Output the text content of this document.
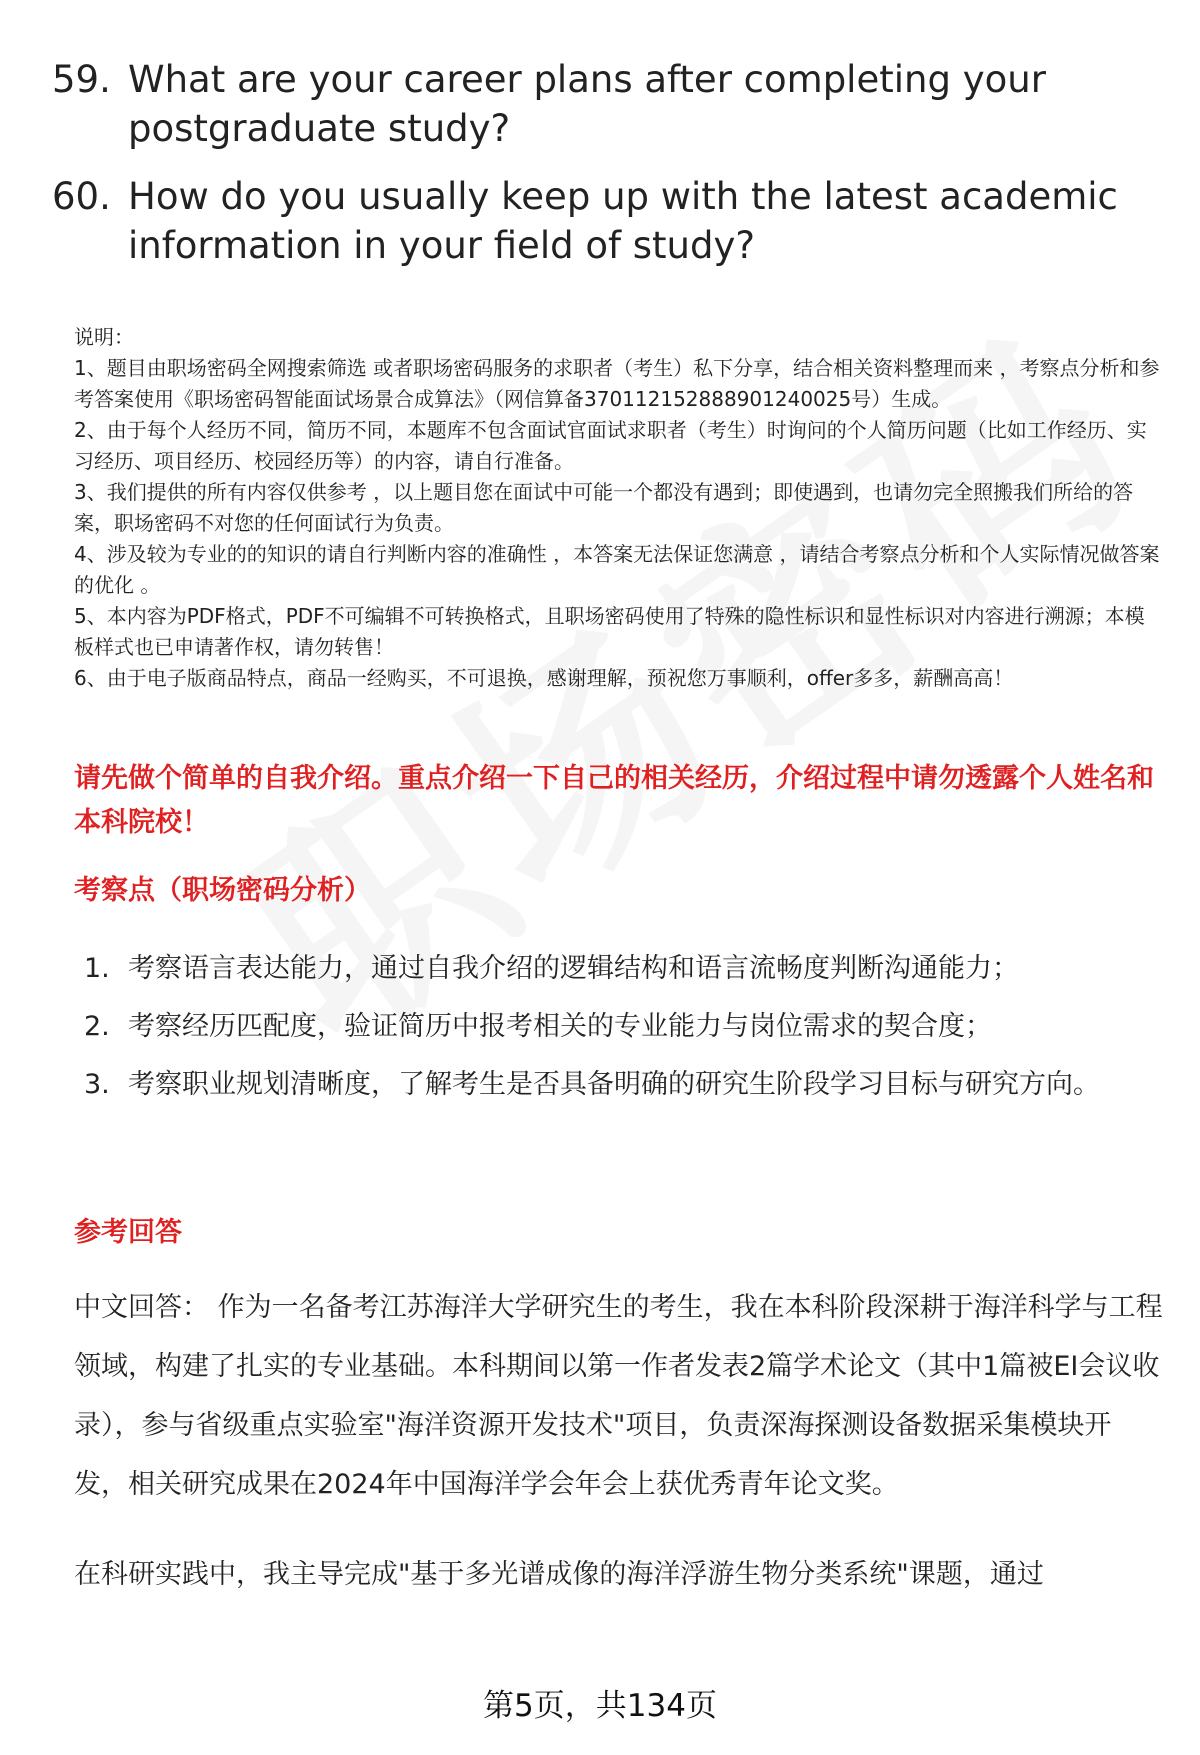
59. What are your career plans after completing your postgraduate study?
60. How do you usually keep up with the latest academic information in your field of study?

说明：

1、题目由职场密码全网搜索筛选 或者职场密码服务的求职者（考生）私下分享，结合相关资料整理而来 ，考察点分析和参考答案使用《职场密码智能面试场景合成算法》（网信算备370112152888901240025号）生成。

2、由于每个人经历不同，简历不同，本题库不包含面试官面试求职者（考生）时询问的个人简历问题（比如工作经历、实习经历、项目经历、校园经历等）的内容，请自行准备。

3、我们提供的所有内容仅供参考 ，以上题目您在面试中可能一个都没有遇到；即使遇到，也请勿完全照搬我们所给的答案，职场密码不对您的任何面试行为负责。

4、涉及较为专业的的知识的请自行判断内容的准确性 ，本答案无法保证您满意 ，请结合考察点分析和个人实际情况做答案的优化 。

5、本内容为PDF格式，PDF不可编辑不可转换格式，且职场密码使用了特殊的隐性标识和显性标识对内容进行溯源；本模板样式也已申请著作权，请勿转售！

6、由于电子版商品特点，商品一经购买，不可退换，感谢理解，预祝您万事顺利，offer多多，薪酬高高！

请先做个简单的自我介绍。重点介绍一下自己的相关经历，介绍过程中请勿透露个人姓名和本科院校！
考察点（职场密码分析）
1. 考察语言表达能力，通过自我介绍的逻辑结构和语言流畅度判断沟通能力；
2. 考察经历匹配度，验证简历中报考相关的专业能力与岗位需求的契合度；
3. 考察职业规划清晰度，了解考生是否具备明确的研究生阶段学习目标与研究方向。
参考回答

中文回答： 作为一名备考江苏海洋大学研究生的考生，我在本科阶段深耕于海洋科学与工程领域，构建了扎实的专业基础。本科期间以第一作者发表2篇学术论文（其中1篇被EI会议收录），参与省级重点实验室"海洋资源开发技术"项目，负责深海探测设备数据采集模块开发，相关研究成果在2024年中国海洋学会年会上获优秀青年论文奖。

在科研实践中，我主导完成"基于多光谱成像的海洋浮游生物分类系统"课题，通过

第5页，共134页
